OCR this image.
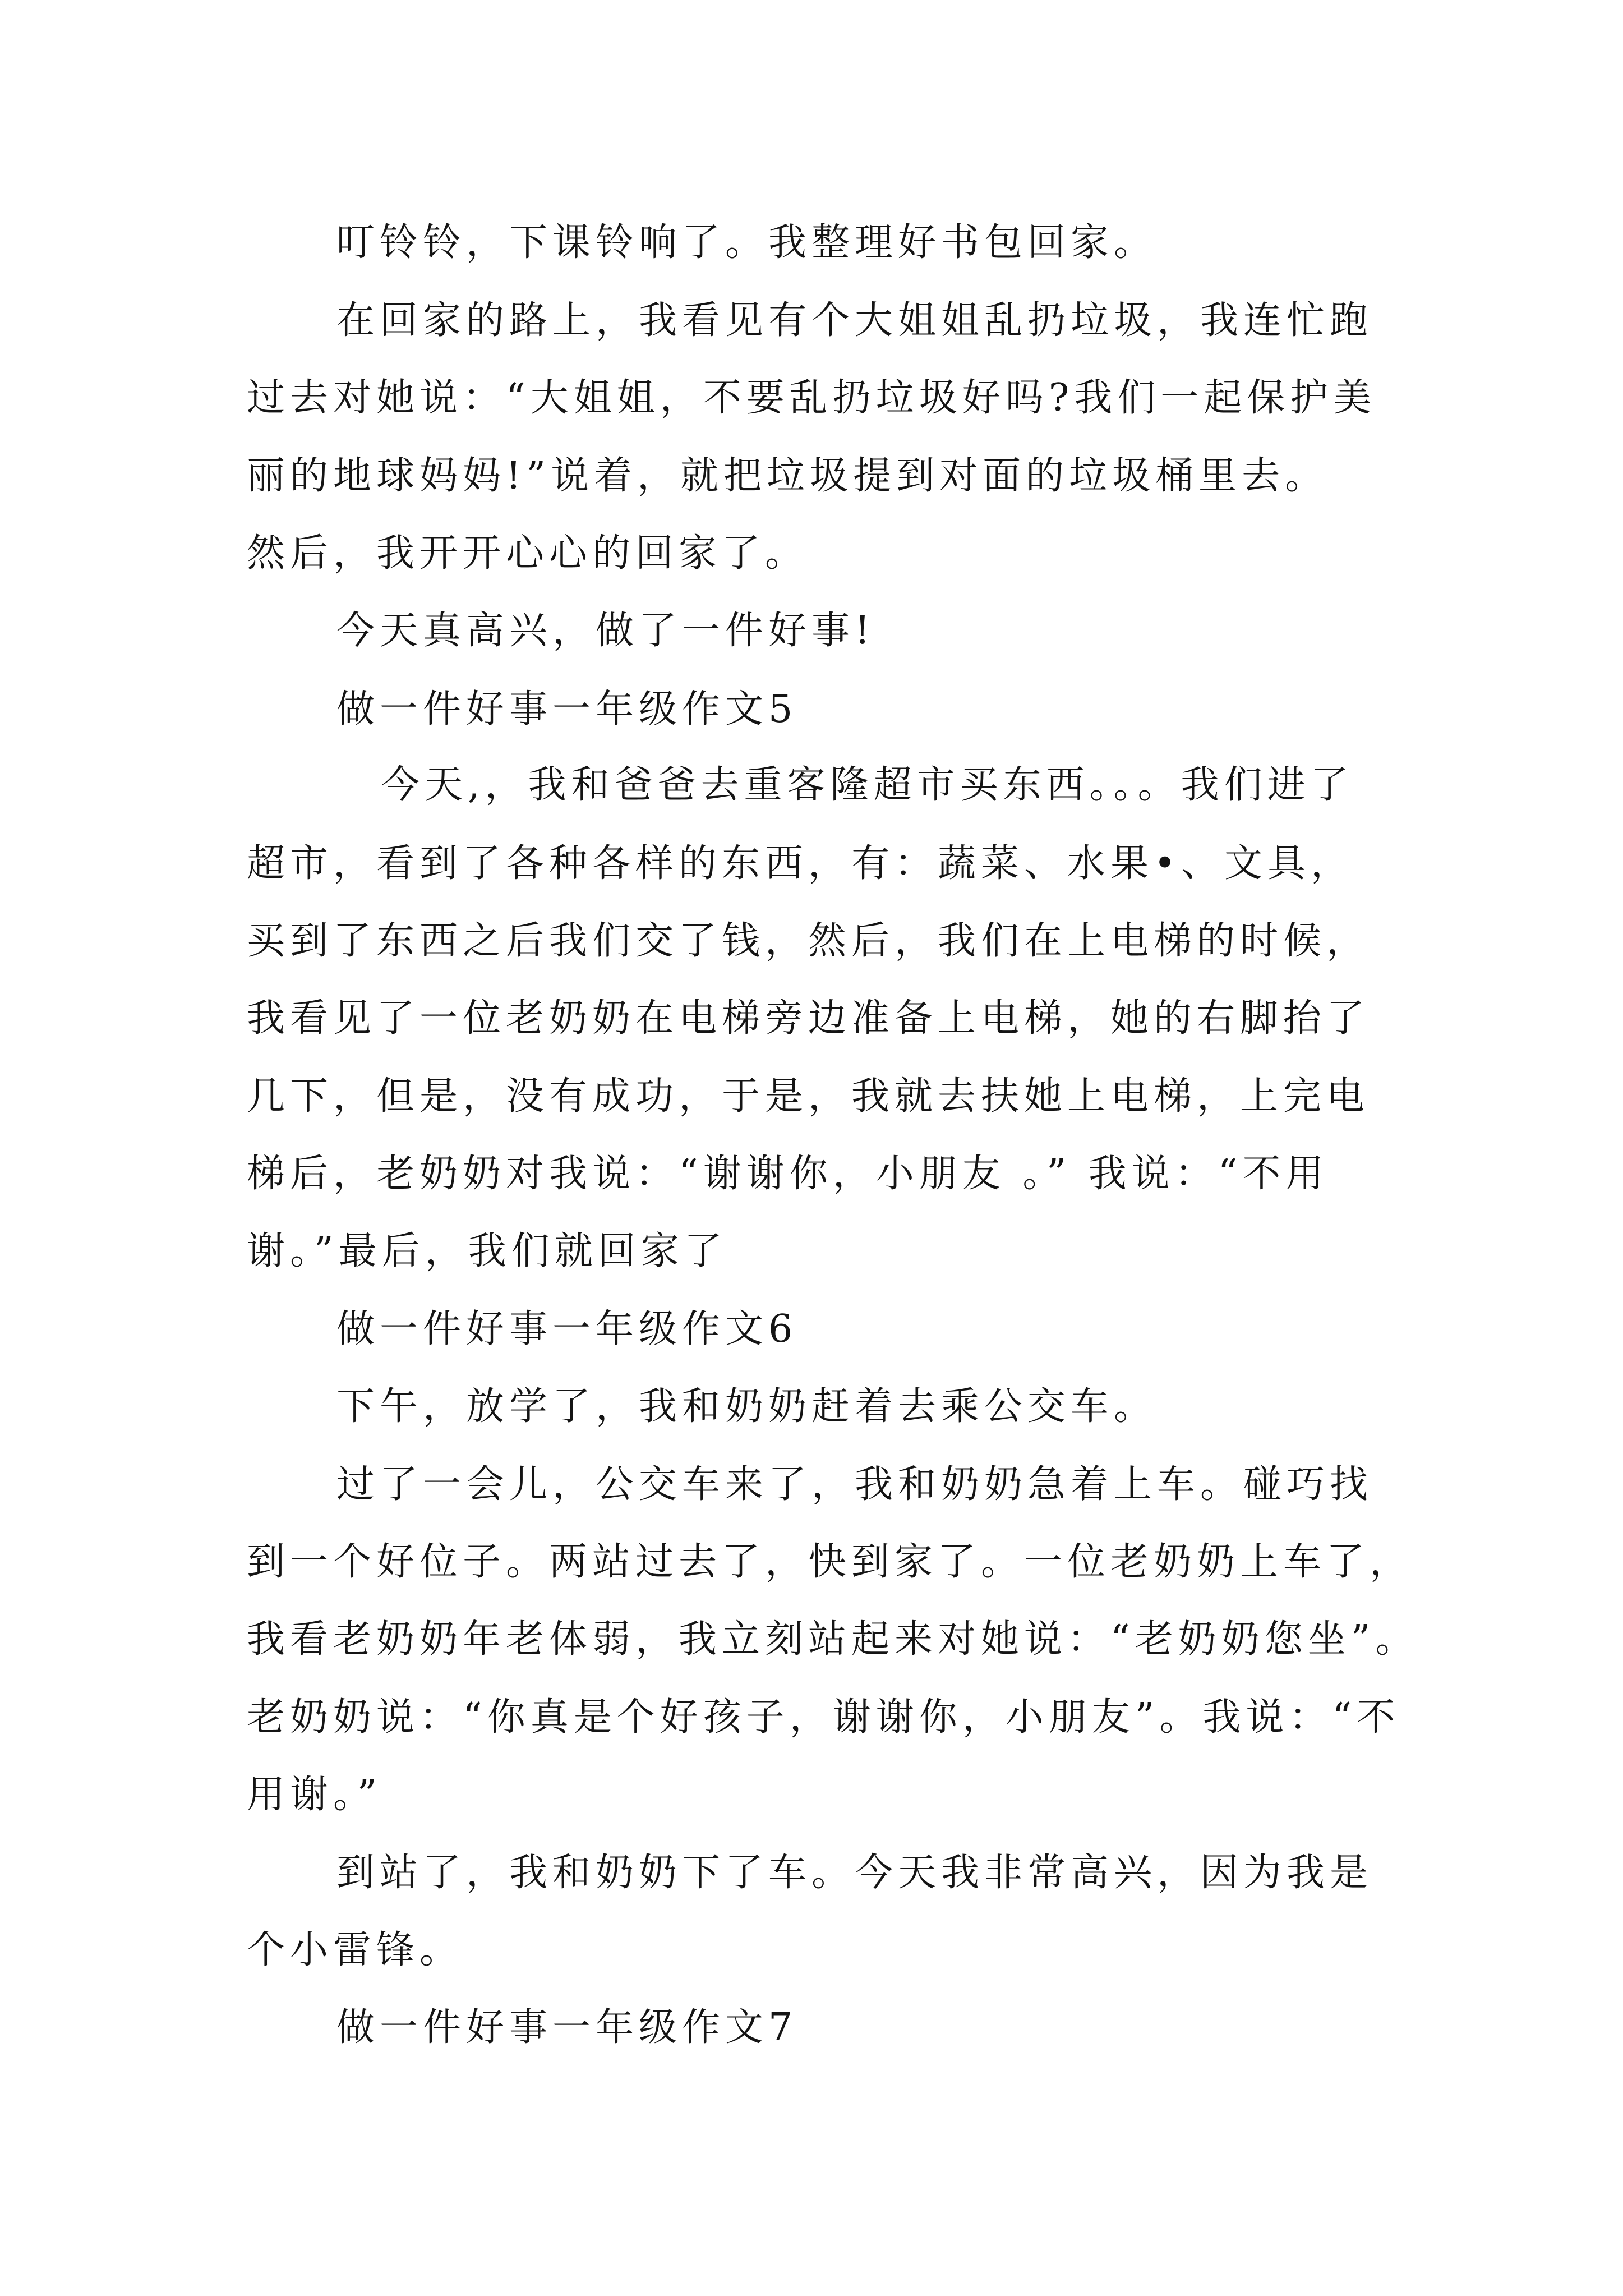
叮铃铃，下课铃响了。我整理好书包回家。

在回家的路上，我看见有个大姐姐乱扔垃圾，我连忙跑

过去对她说：“大姐姐，不要乱扔垃圾好吗?我们一起保护美

丽的地球妈妈!”说着，就把垃圾提到对面的垃圾桶里去。

然后，我开开心心的回家了。

今天真高兴，做了一件好事!

做一件好事一年级作文5

今天,，我和爸爸去重客隆超市买东西。。。我们进了

超市，看到了各种各样的东西，有：蔬菜、水果•、文具，

买到了东西之后我们交了钱，然后，我们在上电梯的时候，

我看见了一位老奶奶在电梯旁边准备上电梯，她的右脚抬了

几下，但是，没有成功，于是，我就去扶她上电梯，上完电

梯后，老奶奶对我说：“谢谢你，小朋友 。” 我说：“不用

谢。”最后，我们就回家了

做一件好事一年级作文6

下午，放学了，我和奶奶赶着去乘公交车。

过了一会儿，公交车来了，我和奶奶急着上车。碰巧找

到一个好位子。两站过去了，快到家了。一位老奶奶上车了，

我看老奶奶年老体弱，我立刻站起来对她说：“老奶奶您坐”。

老奶奶说：“你真是个好孩子，谢谢你，小朋友”。我说：“不

用谢。”

到站了，我和奶奶下了车。今天我非常高兴，因为我是

个小雷锋。

做一件好事一年级作文7
